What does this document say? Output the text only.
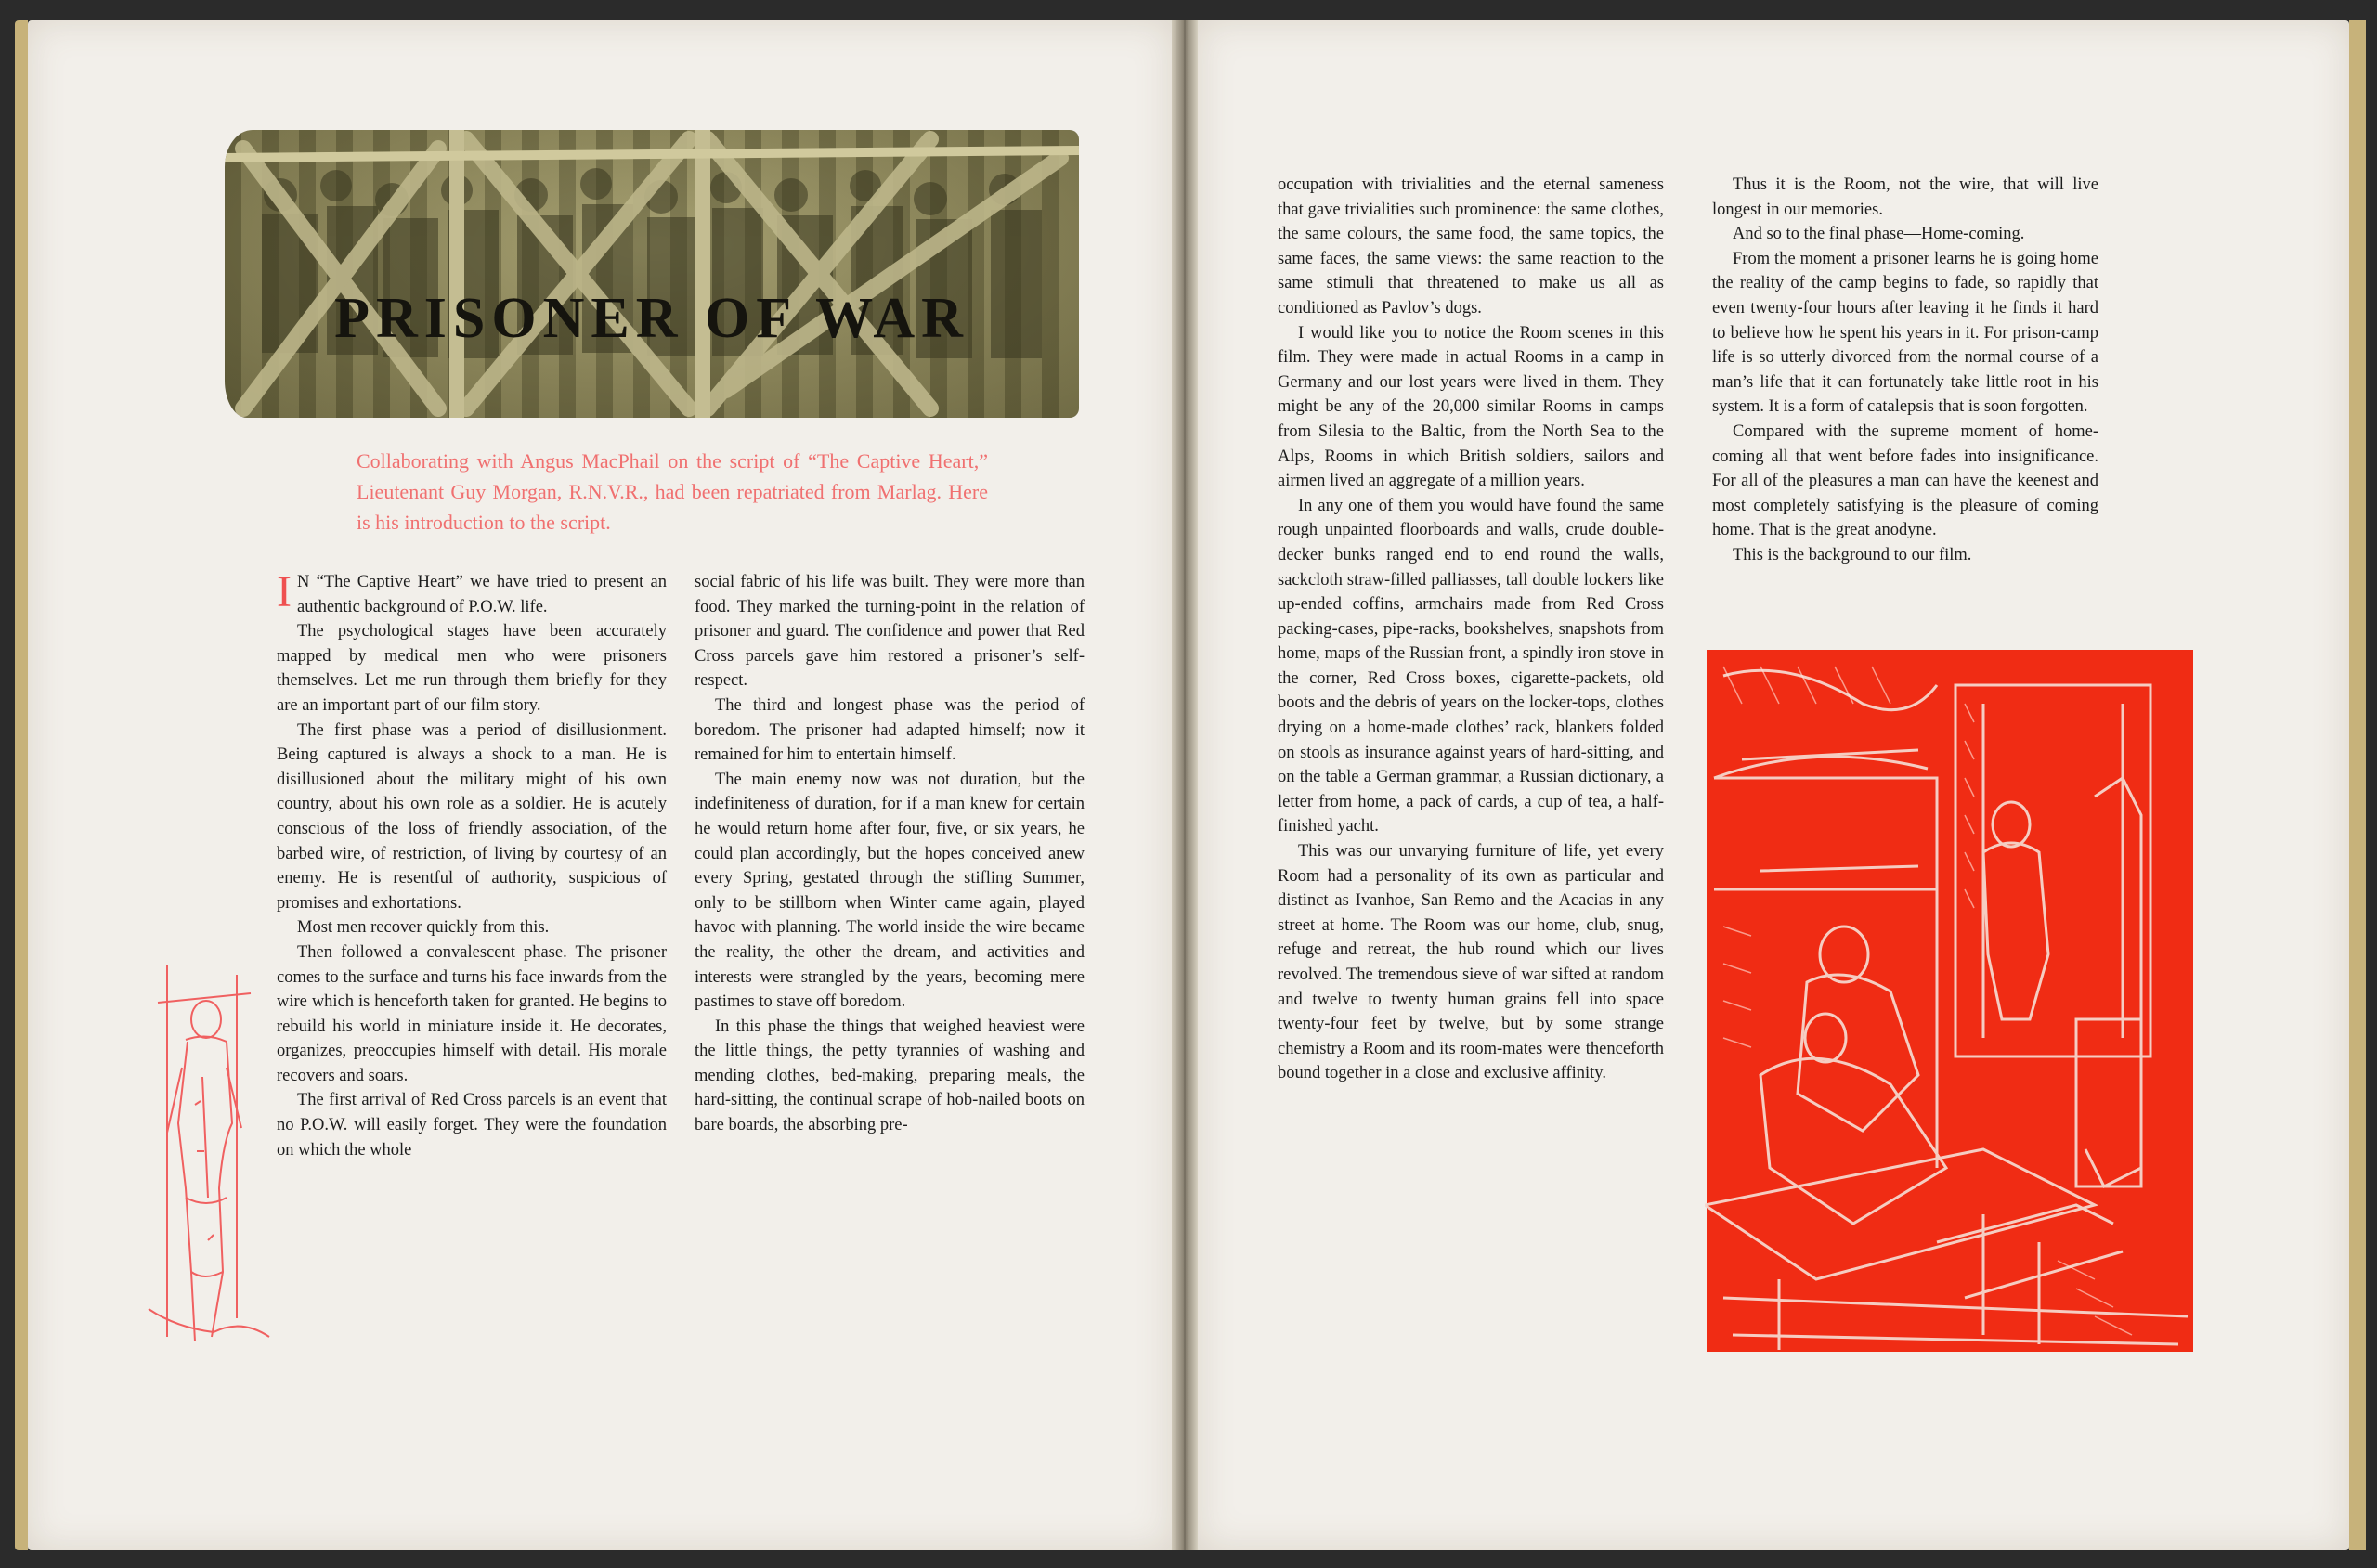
PRISONER OF WAR
Collaborating with Angus MacPhail on the script of “The Captive Heart,” Lieutenant Guy Morgan, R.N.V.R., had been repatriated from Marlag. Here is his introduction to the script.

I N “The Captive Heart” we have tried to present an authentic background of P.O.W. life.

The psychological stages have been accurately mapped by medical men who were prisoners themselves. Let me run through them briefly for they are an important part of our film story.

The first phase was a period of disillusionment. Being captured is always a shock to a man. He is disillusioned about the military might of his own country, about his own role as a soldier. He is acutely conscious of the loss of friendly association, of the barbed wire, of restriction, of living by courtesy of an enemy. He is resentful of authority, suspicious of promises and exhortations.

Most men recover quickly from this.

Then followed a convalescent phase. The prisoner comes to the surface and turns his face inwards from the wire which is henceforth taken for granted. He begins to rebuild his world in miniature inside it. He decorates, organizes, preoccupies himself with detail. His morale recovers and soars.

The first arrival of Red Cross parcels is an event that no P.O.W. will easily forget. They were the foundation on which the whole

social fabric of his life was built. They were more than food. They marked the turning-point in the relation of prisoner and guard. The confidence and power that Red Cross parcels gave him restored a prisoner’s self-respect.

The third and longest phase was the period of boredom. The prisoner had adapted himself; now it remained for him to entertain himself.

The main enemy now was not duration, but the indefiniteness of duration, for if a man knew for certain he would return home after four, five, or six years, he could plan accordingly, but the hopes conceived anew every Spring, gestated through the stifling Summer, only to be stillborn when Winter came again, played havoc with planning. The world inside the wire became the reality, the other the dream, and activities and interests were strangled by the years, becoming mere pastimes to stave off boredom.

In this phase the things that weighed heaviest were the little things, the petty tyrannies of washing and mending clothes, bed-making, preparing meals, the hard-sitting, the continual scrape of hob-nailed boots on bare boards, the absorbing pre-

occupation with trivialities and the eternal sameness that gave trivialities such prominence: the same clothes, the same colours, the same food, the same topics, the same faces, the same views: the same reaction to the same stimuli that threatened to make us all as conditioned as Pavlov’s dogs.

I would like you to notice the Room scenes in this film. They were made in actual Rooms in a camp in Germany and our lost years were lived in them. They might be any of the 20,000 similar Rooms in camps from Silesia to the Baltic, from the North Sea to the Alps, Rooms in which British soldiers, sailors and airmen lived an aggregate of a million years.

In any one of them you would have found the same rough unpainted floorboards and walls, crude double-decker bunks ranged end to end round the walls, sackcloth straw-filled palliasses, tall double lockers like up-ended coffins, armchairs made from Red Cross packing-cases, pipe-racks, bookshelves, snapshots from home, maps of the Russian front, a spindly iron stove in the corner, Red Cross boxes, cigarette-packets, old boots and the debris of years on the locker-tops, clothes drying on a home-made clothes’ rack, blankets folded on stools as insurance against years of hard-sitting, and on the table a German grammar, a Russian dictionary, a letter from home, a pack of cards, a cup of tea, a half-finished yacht.

This was our unvarying furniture of life, yet every Room had a personality of its own as particular and distinct as Ivanhoe, San Remo and the Acacias in any street at home. The Room was our home, club, snug, refuge and retreat, the hub round which our lives revolved. The tremendous sieve of war sifted at random and twelve to twenty human grains fell into space twenty-four feet by twelve, but by some strange chemistry a Room and its room-mates were thenceforth bound together in a close and exclusive affinity.

Thus it is the Room, not the wire, that will live longest in our memories.

And so to the final phase—Home-coming.

From the moment a prisoner learns he is going home the reality of the camp begins to fade, so rapidly that even twenty-four hours after leaving it he finds it hard to believe how he spent his years in it. For prison-camp life is so utterly divorced from the normal course of a man’s life that it can fortunately take little root in his system. It is a form of catalepsis that is soon forgotten.

Compared with the supreme moment of home-coming all that went before fades into insignificance. For all of the pleasures a man can have the keenest and most completely satisfying is the pleasure of coming home. That is the great anodyne.

This is the background to our film.
